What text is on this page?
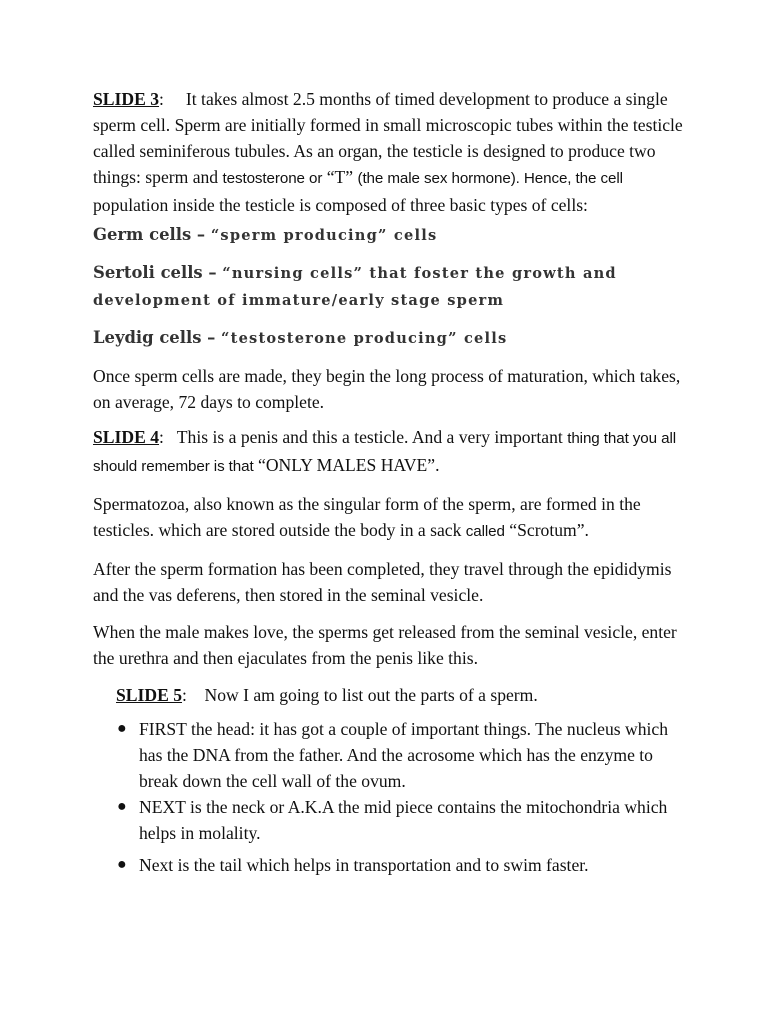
SLIDE 3: It takes almost 2.5 months of timed development to produce a single sperm cell. Sperm are initially formed in small microscopic tubes within the testicle called seminiferous tubules. As an organ, the testicle is designed to produce two things: sperm and testosterone or “T” (the male sex hormone). Hence, the cell population inside the testicle is composed of three basic types of cells:

Germ cells – “sperm producing” cells

Sertoli cells – “nursing cells” that foster the growth and development of immature/early stage sperm

Leydig cells – “testosterone producing” cells

Once sperm cells are made, they begin the long process of maturation, which takes, on average, 72 days to complete.

SLIDE 4: This is a penis and this a testicle. And a very important thing that you all should remember is that “ONLY MALES HAVE”.

Spermatozoa, also known as the singular form of the sperm, are formed in the testicles. which are stored outside the body in a sack called “Scrotum”.

After the sperm formation has been completed, they travel through the epididymis and the vas deferens, then stored in the seminal vesicle.

When the male makes love, the sperms get released from the seminal vesicle, enter the urethra and then ejaculates from the penis like this.

SLIDE 5: Now I am going to list out the parts of a sperm.

● FIRST the head: it has got a couple of important things. The nucleus which has the DNA from the father. And the acrosome which has the enzyme to break down the cell wall of the ovum.
● NEXT is the neck or A.K.A the mid piece contains the mitochondria which helps in molality.
● Next is the tail which helps in transportation and to swim faster.
